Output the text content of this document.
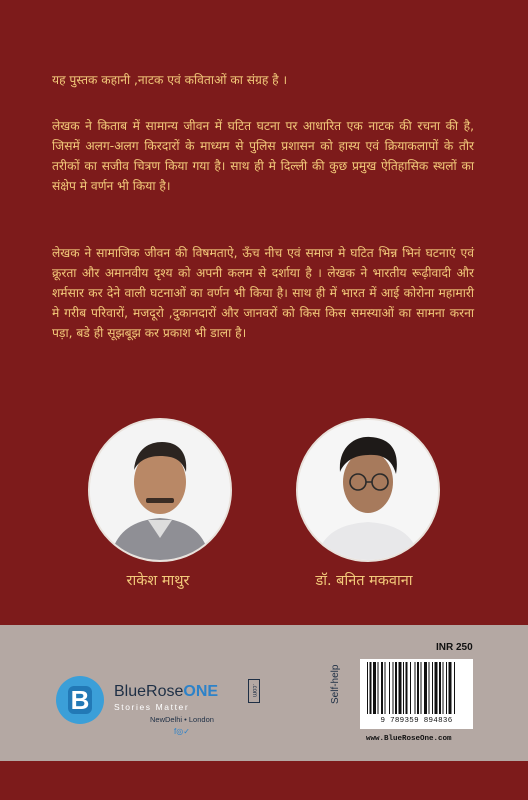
यह पुस्तक कहानी ,नाटक एवं कविताओं का संग्रह है ।
लेखक ने किताब में सामान्य जीवन में घटित घटना पर आधारित एक नाटक की रचना की है, जिसमें अलग-अलग किरदारों के माध्यम से पुलिस प्रशासन को हास्य एवं क्रियाकलापों के तौर तरीकों का सजीव चित्रण किया गया है। साथ ही मे दिल्ली की कुछ प्रमुख ऐतिहासिक स्थलों का संक्षेप मे वर्णन भी किया है।
लेखक ने सामाजिक जीवन की विषमताऐ, ऊँच नीच एवं समाज मे घटित भिन्न भिनं घटनाएं एवं क्रूरता और अमानवीय दृश्य को अपनी कलम से दर्शाया है । लेखक ने भारतीय रूढ़ीवादी और शर्मसार कर देने वाली घटनाओं का वर्णन भी किया है। साथ ही में भारत में आई कोरोना महामारी मे गरीब परिवारों, मजदूरो ,दुकानदारों और जानवरों को किस किस समस्याओं का सामना करना पड़ा, बडे ही सूझबूझ कर प्रकाश भी डाला है।
राकेश माथुर	डॉ. बनित मकवाना
B	BlueRoseONE	.com
Stories Matter
NewDelhi • London
f◎✓
Self-help
INR 250
9 789359 894836
www.BlueRoseOne.com
